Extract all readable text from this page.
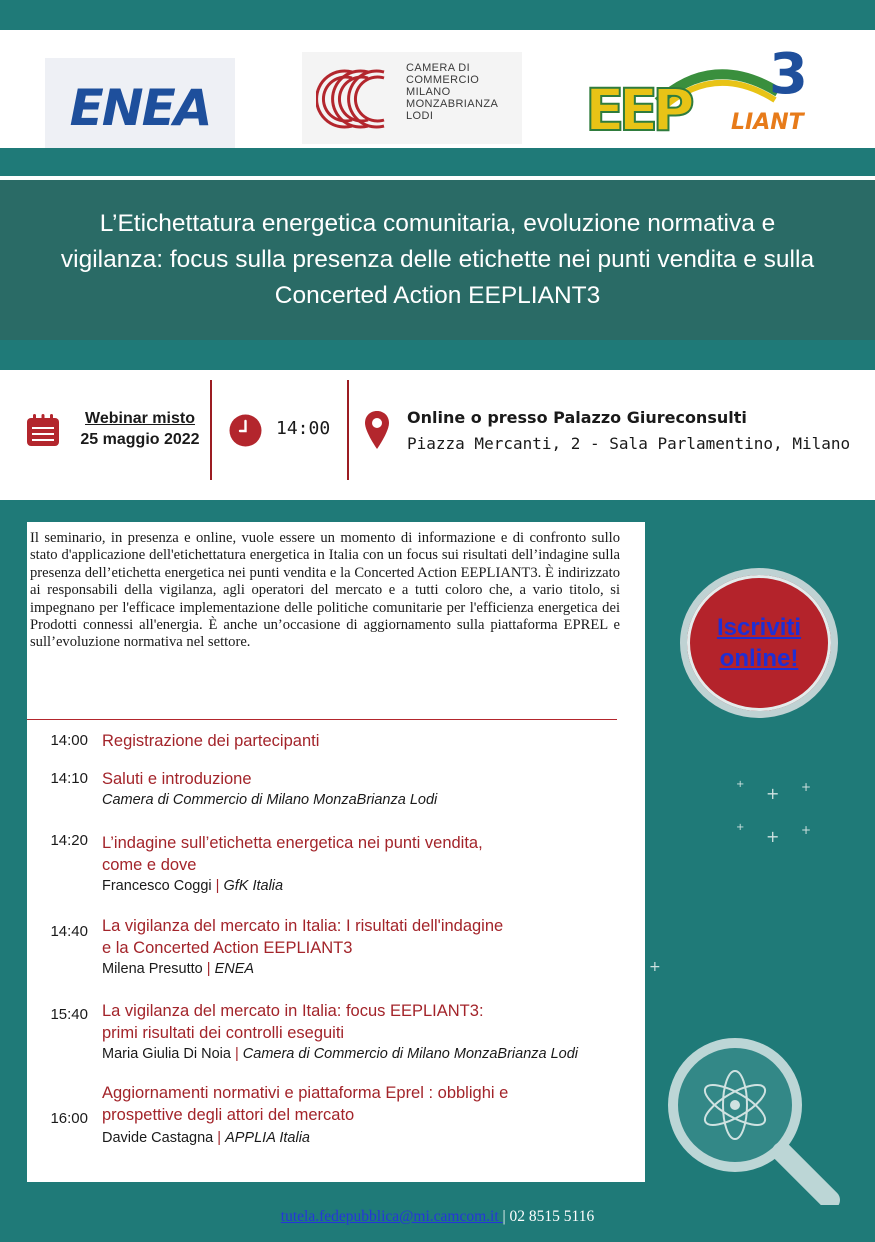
ENEA
CAMERA DI
COMMERCIO
MILANO
MONZABRIANZA
LODI	EEP
3
LIANT
L’Etichettatura energetica comunitaria, evoluzione normativa e vigilanza: focus sulla presenza delle etichette nei punti vendita e sulla Concerted Action EEPLIANT3
Webinar misto
25 maggio 2022
14:00
Online o presso Palazzo Giureconsulti
Piazza Mercanti, 2 - Sala Parlamentino, Milano
+ + +
+ + +
+

Il seminario, in presenza e online, vuole essere un momento di informazione e di confronto sullo stato d'applicazione dell'etichettatura energetica in Italia con un focus sui risultati dell’indagine sulla presenza dell’etichetta energetica nei punti vendita e la Concerted Action EEPLIANT3. È indirizzato ai responsabili della vigilanza, agli operatori del mercato e a tutti coloro che, a vario titolo, si impegnano per l'efficace implementazione delle politiche comunitarie per l'efficienza energetica dei Prodotti connessi all'energia. È anche un’occasione di aggiornamento sulla piattaforma EPREL e sull’evoluzione normativa nel settore.

14:00 Registrazione dei partecipanti
14:10 Saluti e introduzione
Camera di Commercio di Milano MonzaBrianza Lodi
14:20 L’indagine sull’etichetta energetica nei punti vendita,
come e dove
Francesco Coggi | GfK Italia
14:40 La vigilanza del mercato in Italia: I risultati dell'indagine
e la Concerted Action EEPLIANT3
Milena Presutto | ENEA
15:40 La vigilanza del mercato in Italia: focus EEPLIANT3:
primi risultati dei controlli eseguiti
Maria Giulia Di Noia | Camera di Commercio di Milano MonzaBrianza Lodi
16:00
Aggiornamenti normativi e piattaforma Eprel : obblighi e
prospettive degli attori del mercato
Davide Castagna | APPLIA Italia
Iscriviti
online!
tutela.fedepubblica@mi.camcom.it | 02 8515 5116
